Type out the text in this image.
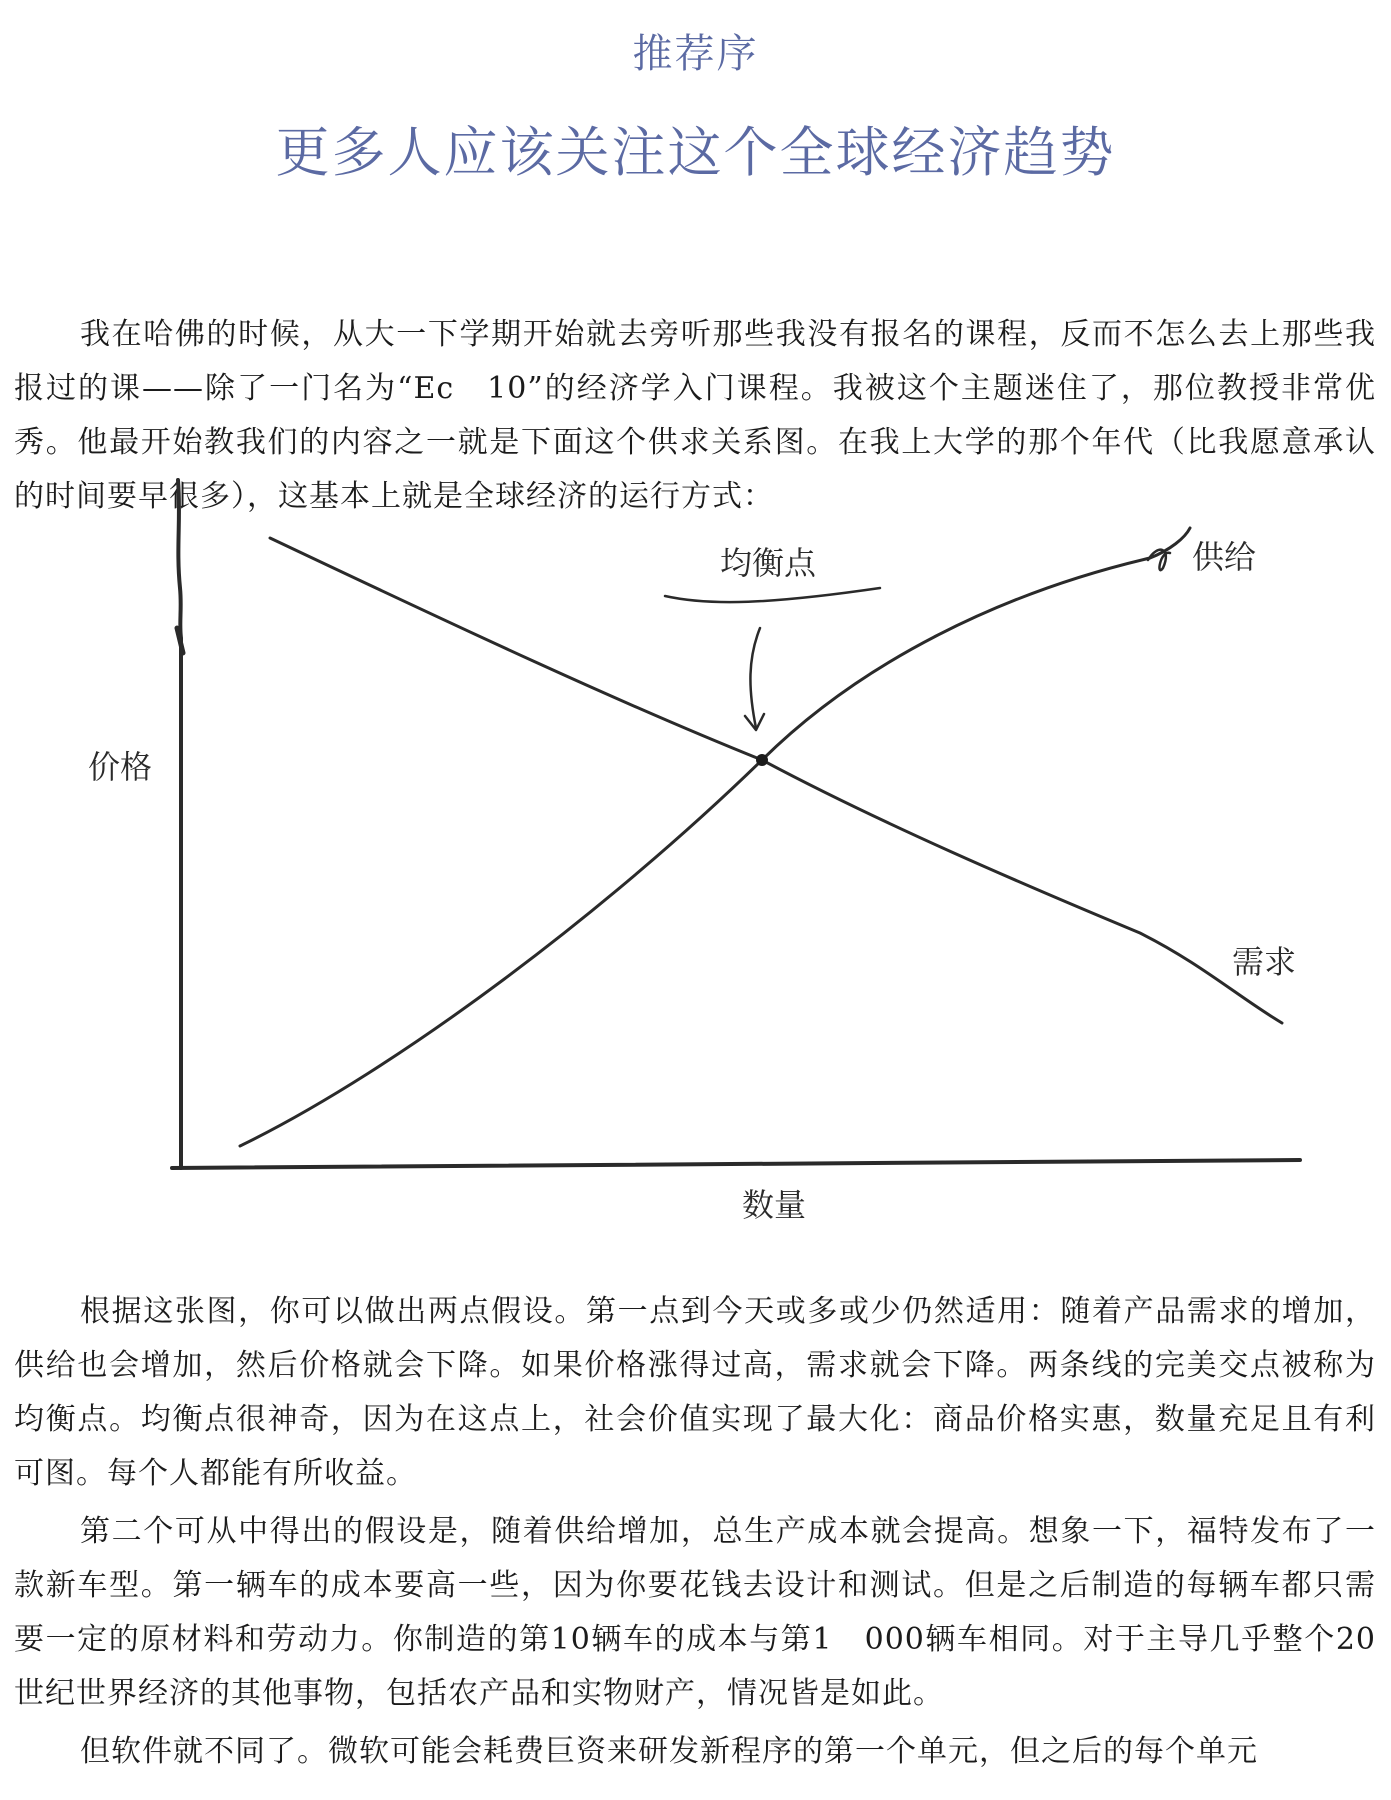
推荐序
更多人应该关注这个全球经济趋势

我在哈佛的时候，从大一下学期开始就去旁听那些我没有报名的课程，反而不怎么去上那些我报过的课——除了一门名为“Ec　10”的经济学入门课程。我被这个主题迷住了，那位教授非常优秀。他最开始教我们的内容之一就是下面这个供求关系图。在我上大学的那个年代（比我愿意承认的时间要早很多），这基本上就是全球经济的运行方式：

价格
数量
均衡点	供给
需求

根据这张图，你可以做出两点假设。第一点到今天或多或少仍然适用：随着产品需求的增加，供给也会增加，然后价格就会下降。如果价格涨得过高，需求就会下降。两条线的完美交点被称为均衡点。均衡点很神奇，因为在这点上，社会价值实现了最大化：商品价格实惠，数量充足且有利可图。每个人都能有所收益。

第二个可从中得出的假设是，随着供给增加，总生产成本就会提高。想象一下，福特发布了一款新车型。第一辆车的成本要高一些，因为你要花钱去设计和测试。但是之后制造的每辆车都只需要一定的原材料和劳动力。你制造的第10辆车的成本与第1　000辆车相同。对于主导几乎整个20世纪世界经济的其他事物，包括农产品和实物财产，情况皆是如此。

但软件就不同了。微软可能会耗费巨资来研发新程序的第一个单元，但之后的每个单元
